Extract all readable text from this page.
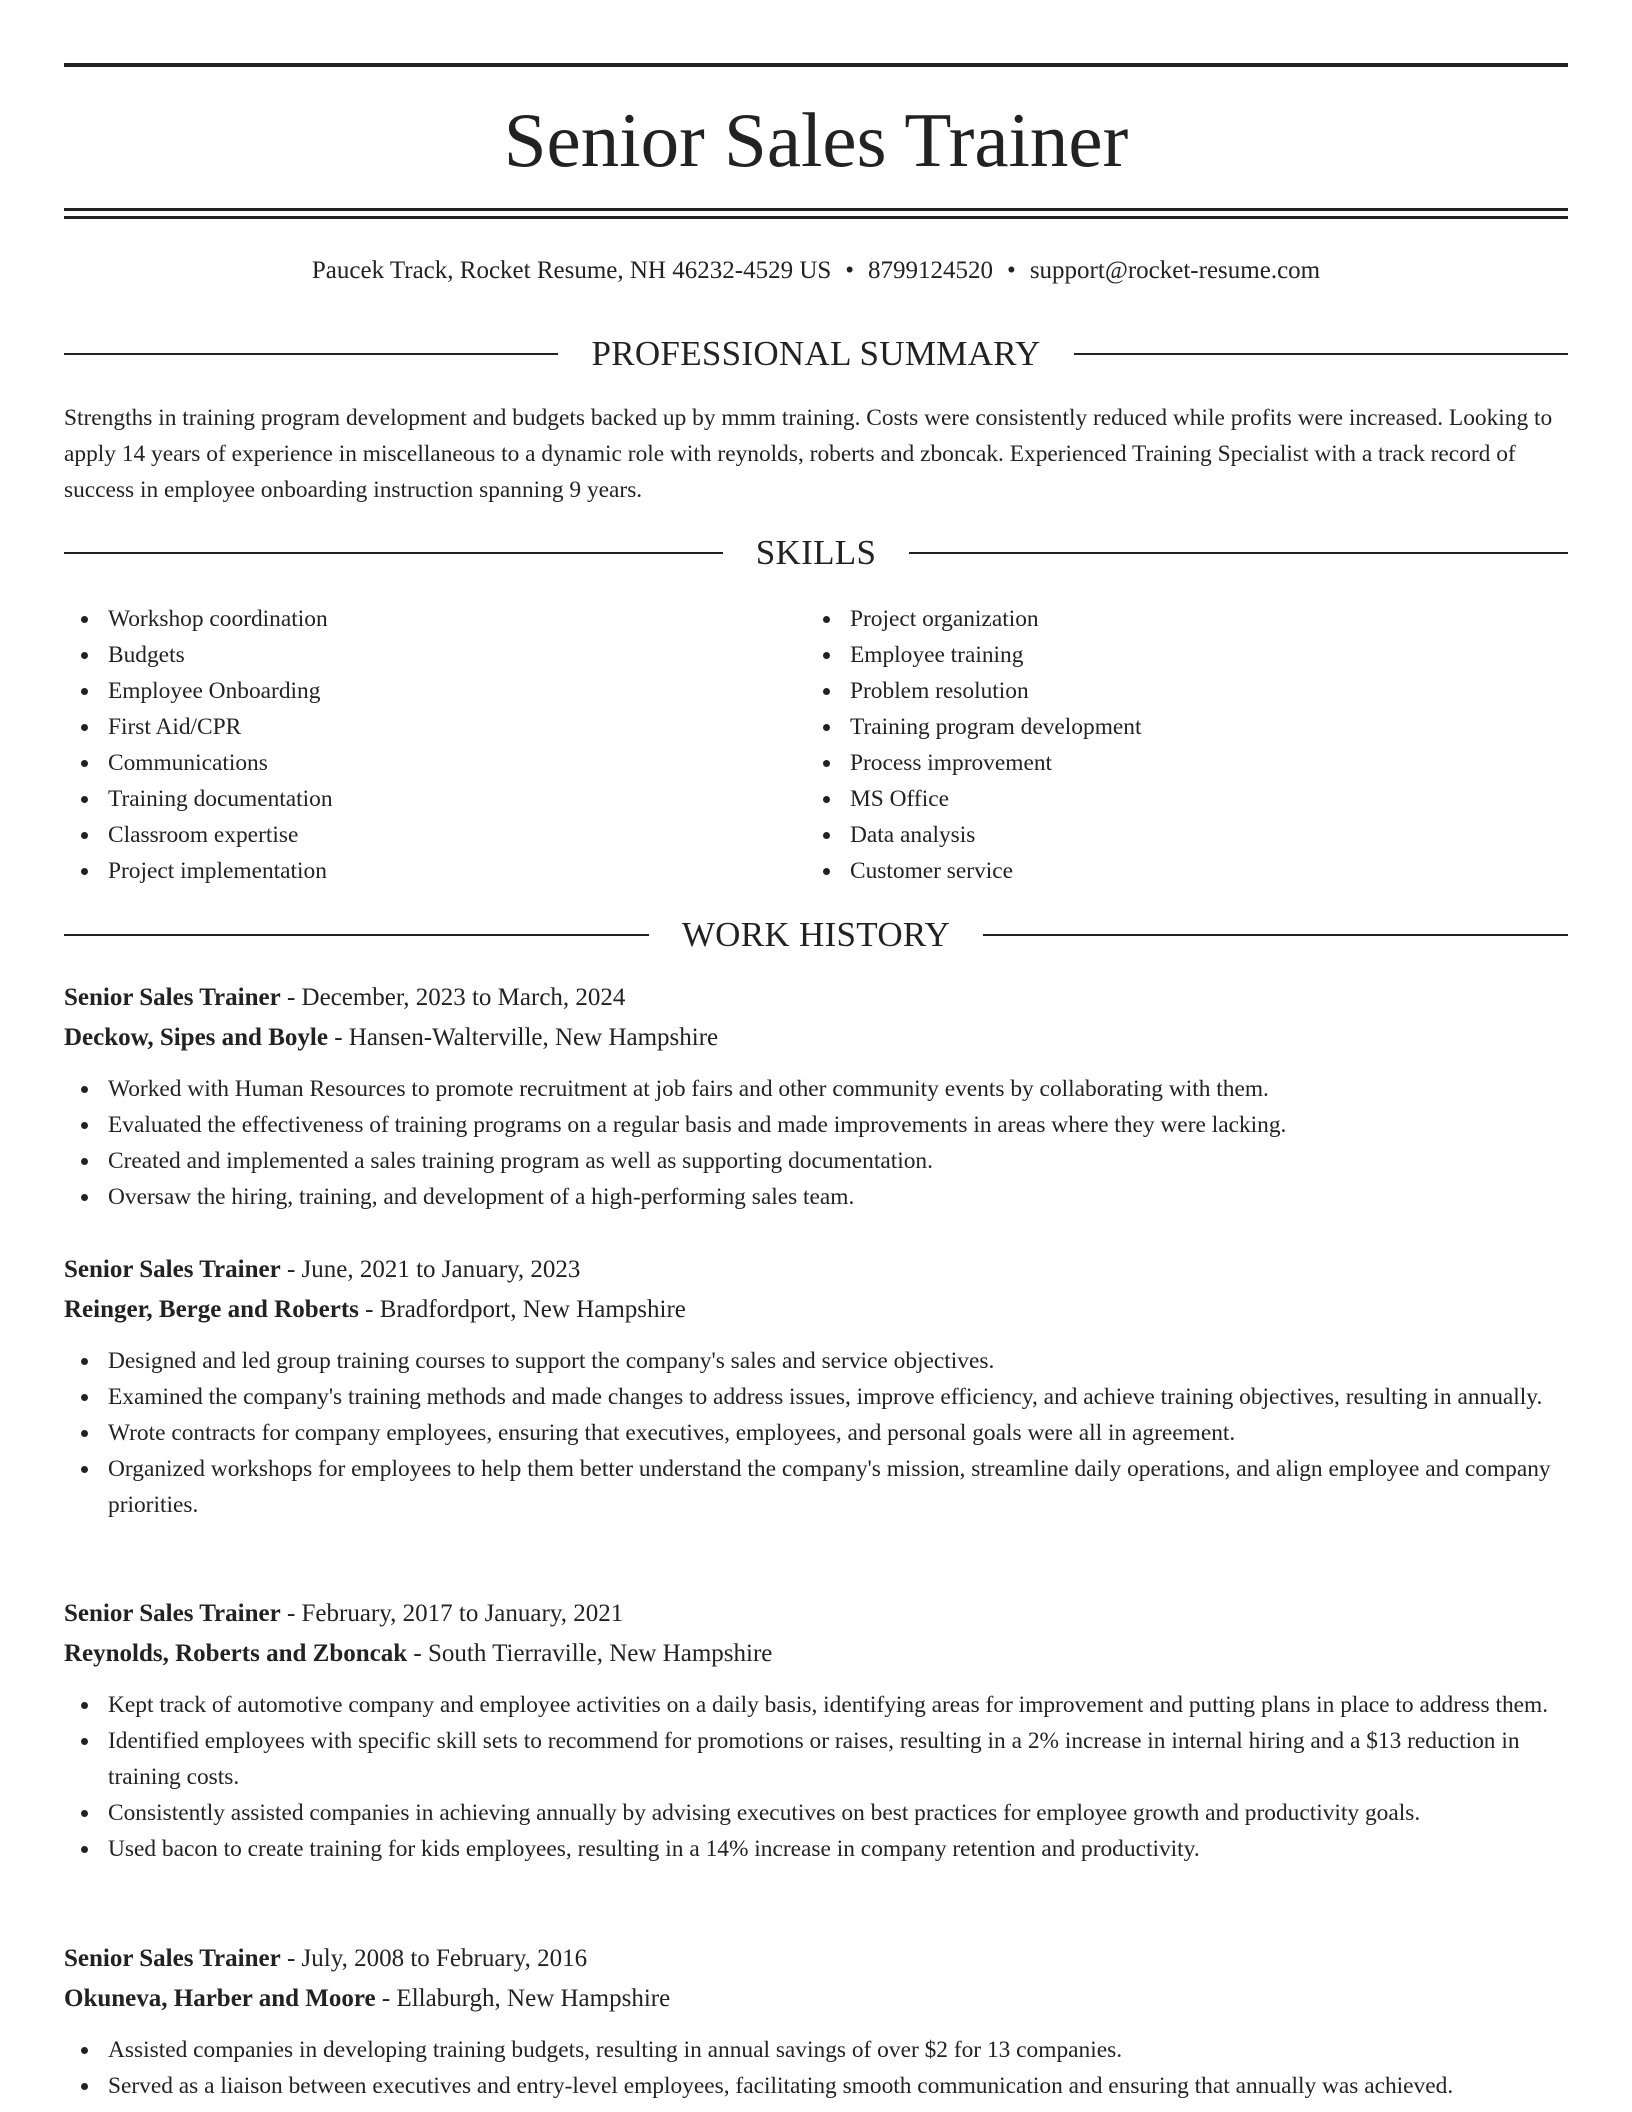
Senior Sales Trainer
Paucek Track, Rocket Resume, NH 46232-4529 US • 8799124520 • support@rocket-resume.com
PROFESSIONAL SUMMARY

Strengths in training program development and budgets backed up by mmm training. Costs were consistently reduced while profits were increased. Looking to apply 14 years of experience in miscellaneous to a dynamic role with reynolds, roberts and zboncak. Experienced Training Specialist with a track record of success in employee onboarding instruction spanning 9 years.

SKILLS
Workshop coordination
Budgets
Employee Onboarding
First Aid/CPR
Communications
Training documentation
Classroom expertise
Project implementation
Project organization
Employee training
Problem resolution
Training program development
Process improvement
MS Office
Data analysis
Customer service
WORK HISTORY

Senior Sales Trainer - December, 2023 to March, 2024

Deckow, Sipes and Boyle - Hansen-Walterville, New Hampshire

Worked with Human Resources to promote recruitment at job fairs and other community events by collaborating with them.
Evaluated the effectiveness of training programs on a regular basis and made improvements in areas where they were lacking.
Created and implemented a sales training program as well as supporting documentation.
Oversaw the hiring, training, and development of a high-performing sales team.

Senior Sales Trainer - June, 2021 to January, 2023

Reinger, Berge and Roberts - Bradfordport, New Hampshire

Designed and led group training courses to support the company's sales and service objectives.
Examined the company's training methods and made changes to address issues, improve efficiency, and achieve training objectives, resulting in annually.
Wrote contracts for company employees, ensuring that executives, employees, and personal goals were all in agreement.
Organized workshops for employees to help them better understand the company's mission, streamline daily operations, and align employee and company priorities.

Senior Sales Trainer - February, 2017 to January, 2021

Reynolds, Roberts and Zboncak - South Tierraville, New Hampshire

Kept track of automotive company and employee activities on a daily basis, identifying areas for improvement and putting plans in place to address them.
Identified employees with specific skill sets to recommend for promotions or raises, resulting in a 2% increase in internal hiring and a $13 reduction in training costs.
Consistently assisted companies in achieving annually by advising executives on best practices for employee growth and productivity goals.
Used bacon to create training for kids employees, resulting in a 14% increase in company retention and productivity.

Senior Sales Trainer - July, 2008 to February, 2016

Okuneva, Harber and Moore - Ellaburgh, New Hampshire

Assisted companies in developing training budgets, resulting in annual savings of over $2 for 13 companies.
Served as a liaison between executives and entry-level employees, facilitating smooth communication and ensuring that annually was achieved.
